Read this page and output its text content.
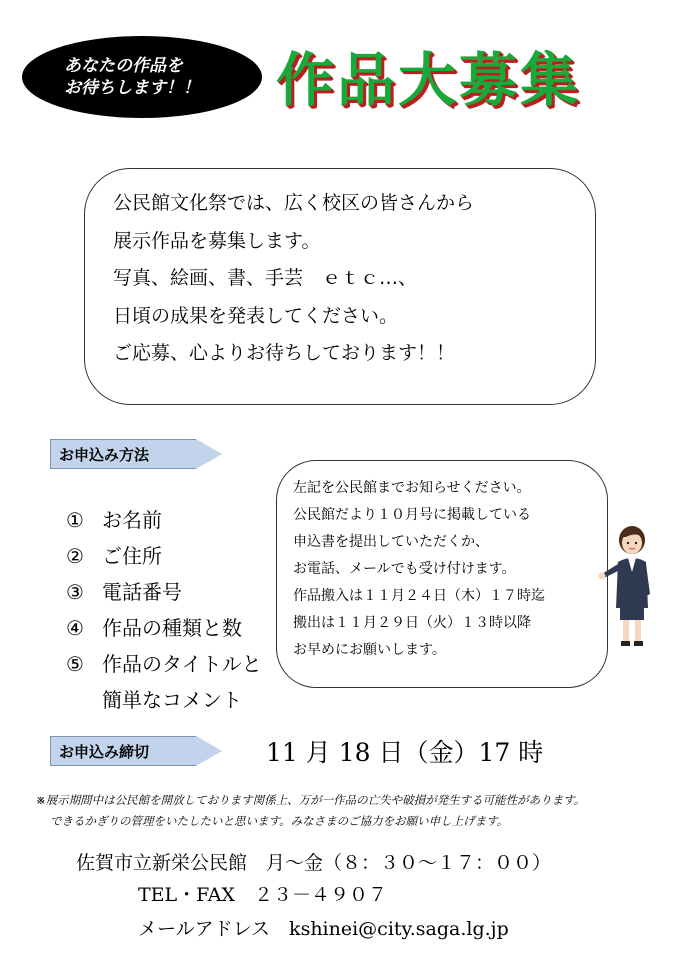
あなたの作品を
お待ちします！！	作品大募集
公民館文化祭では、広く校区の皆さんから
展示作品を募集します。
写真、絵画、書、手芸　ｅｔｃ…、
日頃の成果を発表してください。
ご応募、心よりお待ちしております！！
お申込み方法
① お名前
② ご住所
③ 電話番号
④ 作品の種類と数
⑤ 作品のタイトルと
簡単なコメント
左記を公民館までお知らせください。
公民館だより１０月号に掲載している
申込書を提出していただくか、
お電話、メールでも受け付けます。
作品搬入は１１月２４日（木）１７時迄
搬出は１１月２９日（火）１３時以降
お早めにお願いします。
お申込み締切	11 月 18 日（金）17 時
※展示期間中は公民館を開放しております関係上、万が一作品の亡失や破損が発生する可能性があります。
できるかぎりの管理をいたしたいと思います。みなさまのご協力をお願い申し上げます。
佐賀市立新栄公民館　月～金（８：３０～１７：００）
TEL・FAX　２３－４９０７
メールアドレス　kshinei@city.saga.lg.jp
